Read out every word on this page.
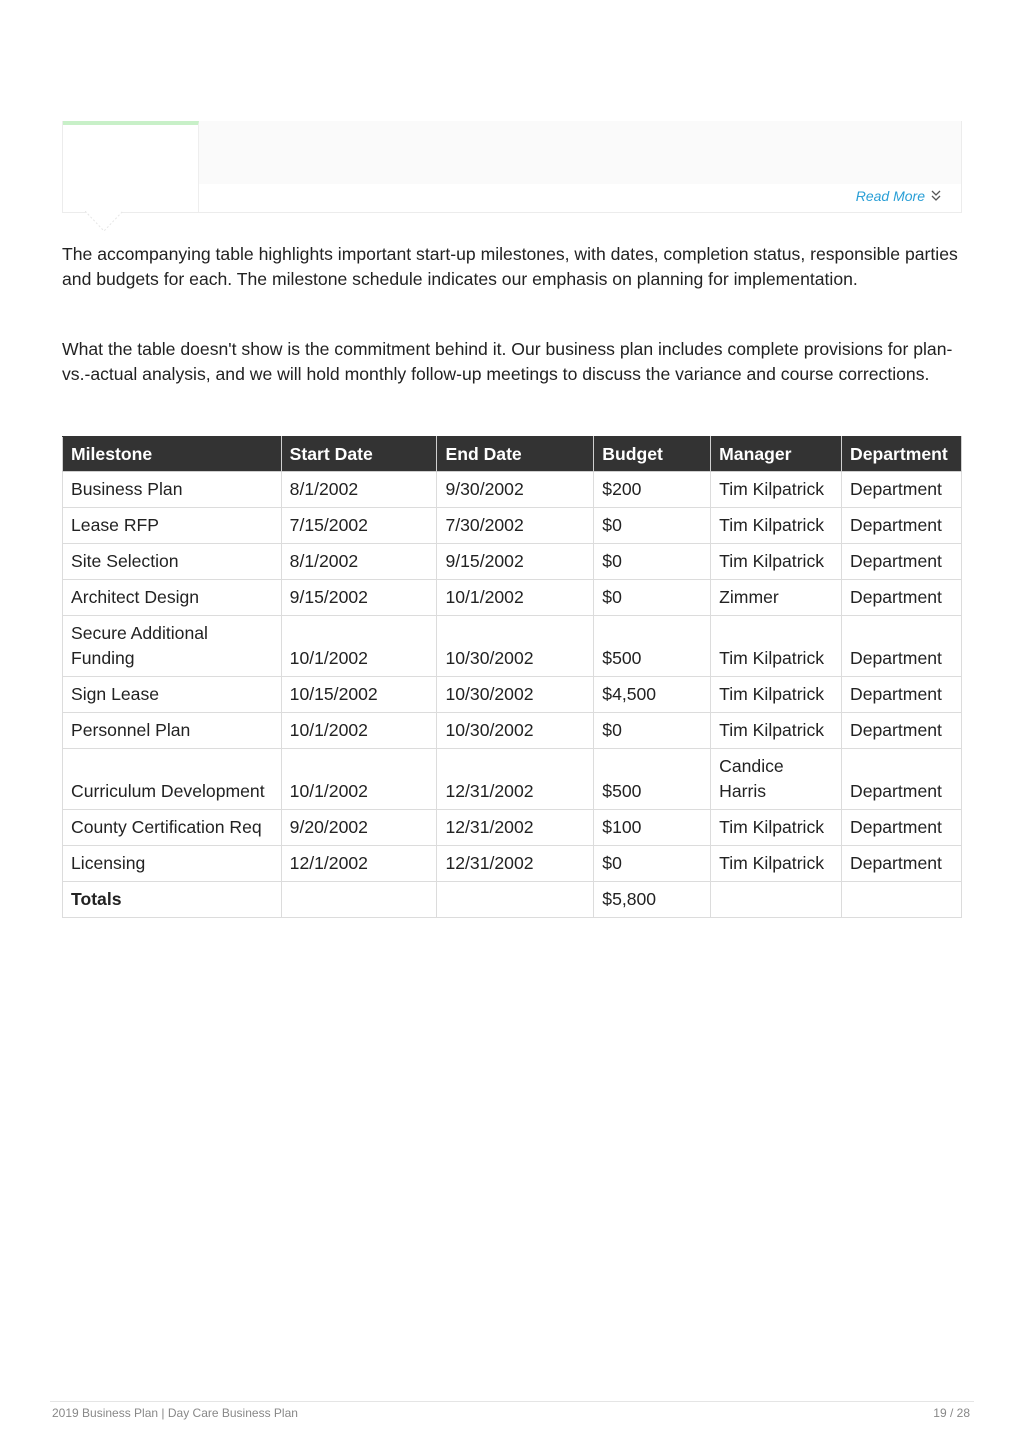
Read More

The accompanying table highlights important start-up milestones, with dates, completion status, responsible parties and budgets for each. The milestone schedule indicates our emphasis on planning for implementation.

What the table doesn't show is the commitment behind it. Our business plan includes complete provisions for plan-vs.-actual analysis, and we will hold monthly follow-up meetings to discuss the variance and course corrections.

Milestone	Start Date	End Date	Budget	Manager	Department
Business Plan	8/1/2002	9/30/2002	$200	Tim Kilpatrick	Department
Lease RFP	7/15/2002	7/30/2002	$0	Tim Kilpatrick	Department
Site Selection	8/1/2002	9/15/2002	$0	Tim Kilpatrick	Department
Architect Design	9/15/2002	10/1/2002	$0	Zimmer	Department
Secure Additional Funding	10/1/2002	10/30/2002	$500	Tim Kilpatrick	Department
Sign Lease	10/15/2002	10/30/2002	$4,500	Tim Kilpatrick	Department
Personnel Plan	10/1/2002	10/30/2002	$0	Tim Kilpatrick	Department
Curriculum Development	10/1/2002	12/31/2002	$500	Candice Harris	Department
County Certification Req	9/20/2002	12/31/2002	$100	Tim Kilpatrick	Department
Licensing	12/1/2002	12/31/2002	$0	Tim Kilpatrick	Department
Totals			$5,800		
2019 Business Plan | Day Care Business Plan	19 / 28
